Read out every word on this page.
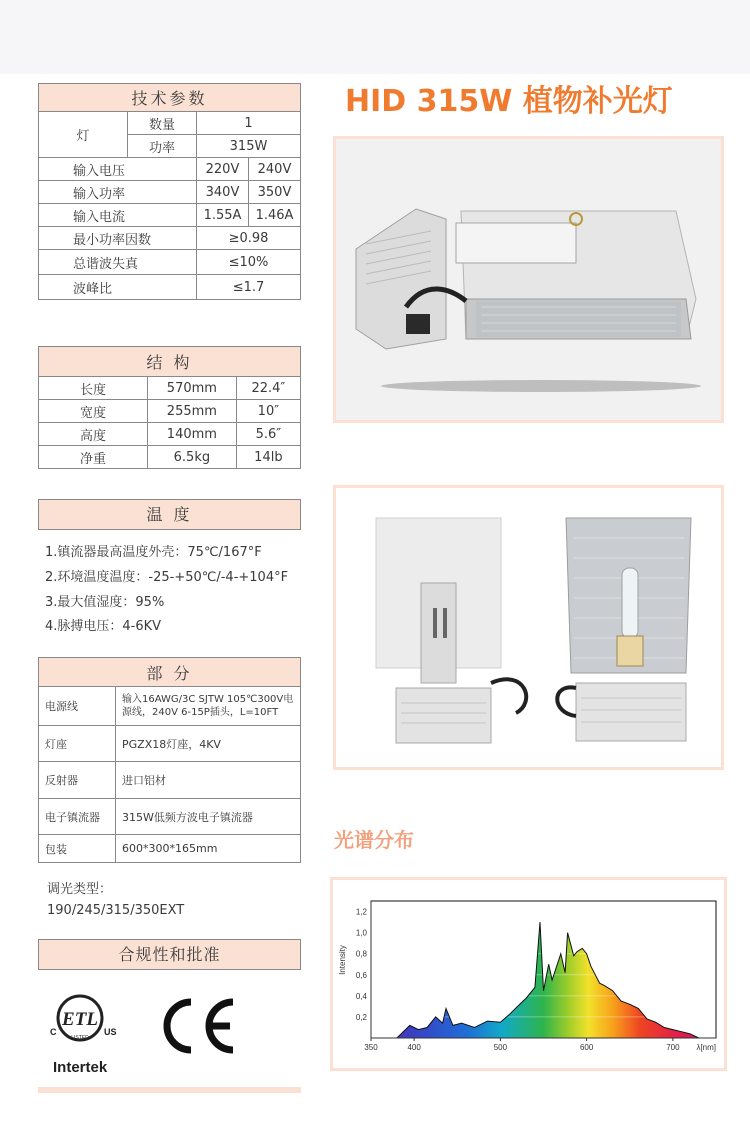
技术参数			
灯	数量	1	
	功率	315W	
输入电压		220V	240V
输入功率		340V	350V
输入电流		1.55A	1.46A
最小功率因数		≥0.98	
总谐波失真		≤10%	
波峰比		≤1.7	
结 构		
长度	570mm	22.4″
宽度	255mm	10″
高度	140mm	5.6″
净重	6.5kg	14lb
温 度
1.镇流器最高温度外壳：75℃/167°F
2.环境温度温度：-25-+50℃/-4-+104°F
3.最大值湿度：95%
4.脉搏电压：4-6KV
部 分	
电源线	输入16AWG/3C SJTW 105℃300V电源线，240V 6-15P插头，L=10FT
灯座	PGZX18灯座，4KV
反射器	进口铝材
电子镇流器	315W低频方波电子镇流器
包装	600*300*165mm
调光类型：
190/245/315/350EXT
合规性和批准
ETL
C	US
LISTED
Intertek
HID 315W 植物补光灯
光谱分布
350	400	500	600	700 λ[nm]
0,2
0,4
0,6
0,8
1,0
1,2
Intensity
